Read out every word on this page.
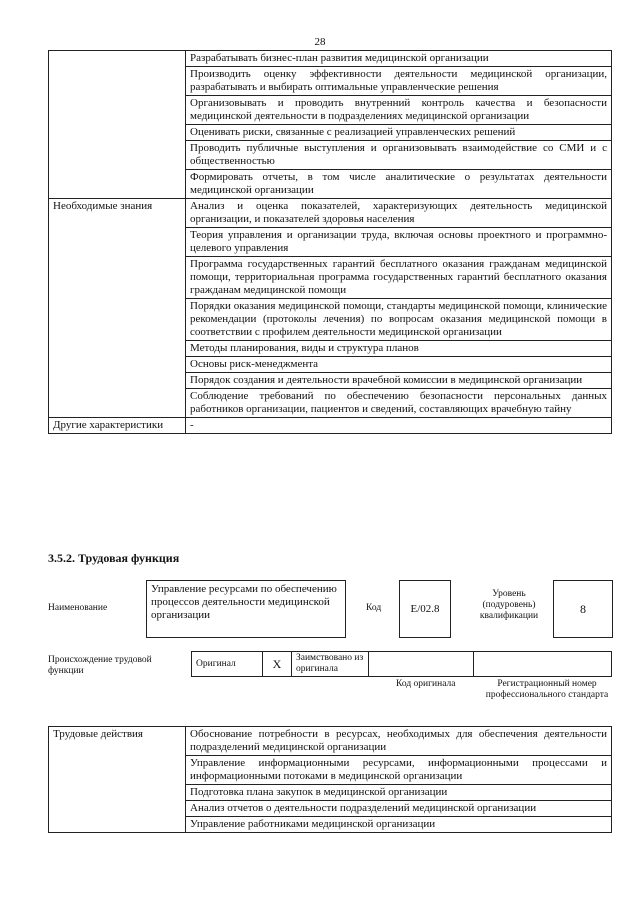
28
	Разрабатывать бизнес-план развития медицинской организации
	Производить оценку эффективности деятельности медицинской организации, разрабатывать и выбирать оптимальные управленческие решения
	Организовывать и проводить внутренний контроль качества и безопасности медицинской деятельности в подразделениях медицинской организации
	Оценивать риски, связанные с реализацией управленческих решений
	Проводить публичные выступления и организовывать взаимодействие со СМИ и с общественностью
	Формировать отчеты, в том числе аналитические о результатах деятельности медицинской организации
Необходимые знания	Анализ и оценка показателей, характеризующих деятельность медицинской организации, и показателей здоровья населения
	Теория управления и организации труда, включая основы проектного и программно-целевого управления
	Программа государственных гарантий бесплатного оказания гражданам медицинской помощи, территориальная программа государственных гарантий бесплатного оказания гражданам медицинской помощи
	Порядки оказания медицинской помощи, стандарты медицинской помощи, клинические рекомендации (протоколы лечения) по вопросам оказания медицинской помощи в соответствии с профилем деятельности медицинской организации
	Методы планирования, виды и структура планов
	Основы риск-менеджмента
	Порядок создания и деятельности врачебной комиссии в медицинской организации
	Соблюдение требований по обеспечению безопасности персональных данных работников организации, пациентов и сведений, составляющих врачебную тайну
Другие характеристики	-
3.5.2. Трудовая функция
Наименование
Управление ресурсами по обеспечению процессов деятельности медицинской организации
Код	E/02.8
Уровень (подуровень) квалификации	8
Происхождение трудовой функции
Оригинал	X	Заимствовано из оригинала		
Код оригинала	Регистрационный номер профессионального стандарта
Трудовые действия	Обоснование потребности в ресурсах, необходимых для обеспечения деятельности подразделений медицинской организации
Управление информационными ресурсами, информационными процессами и информационными потоками в медицинской организации
Подготовка плана закупок в медицинской организации
Анализ отчетов о деятельности подразделений медицинской организации
Управление работниками медицинской организации
